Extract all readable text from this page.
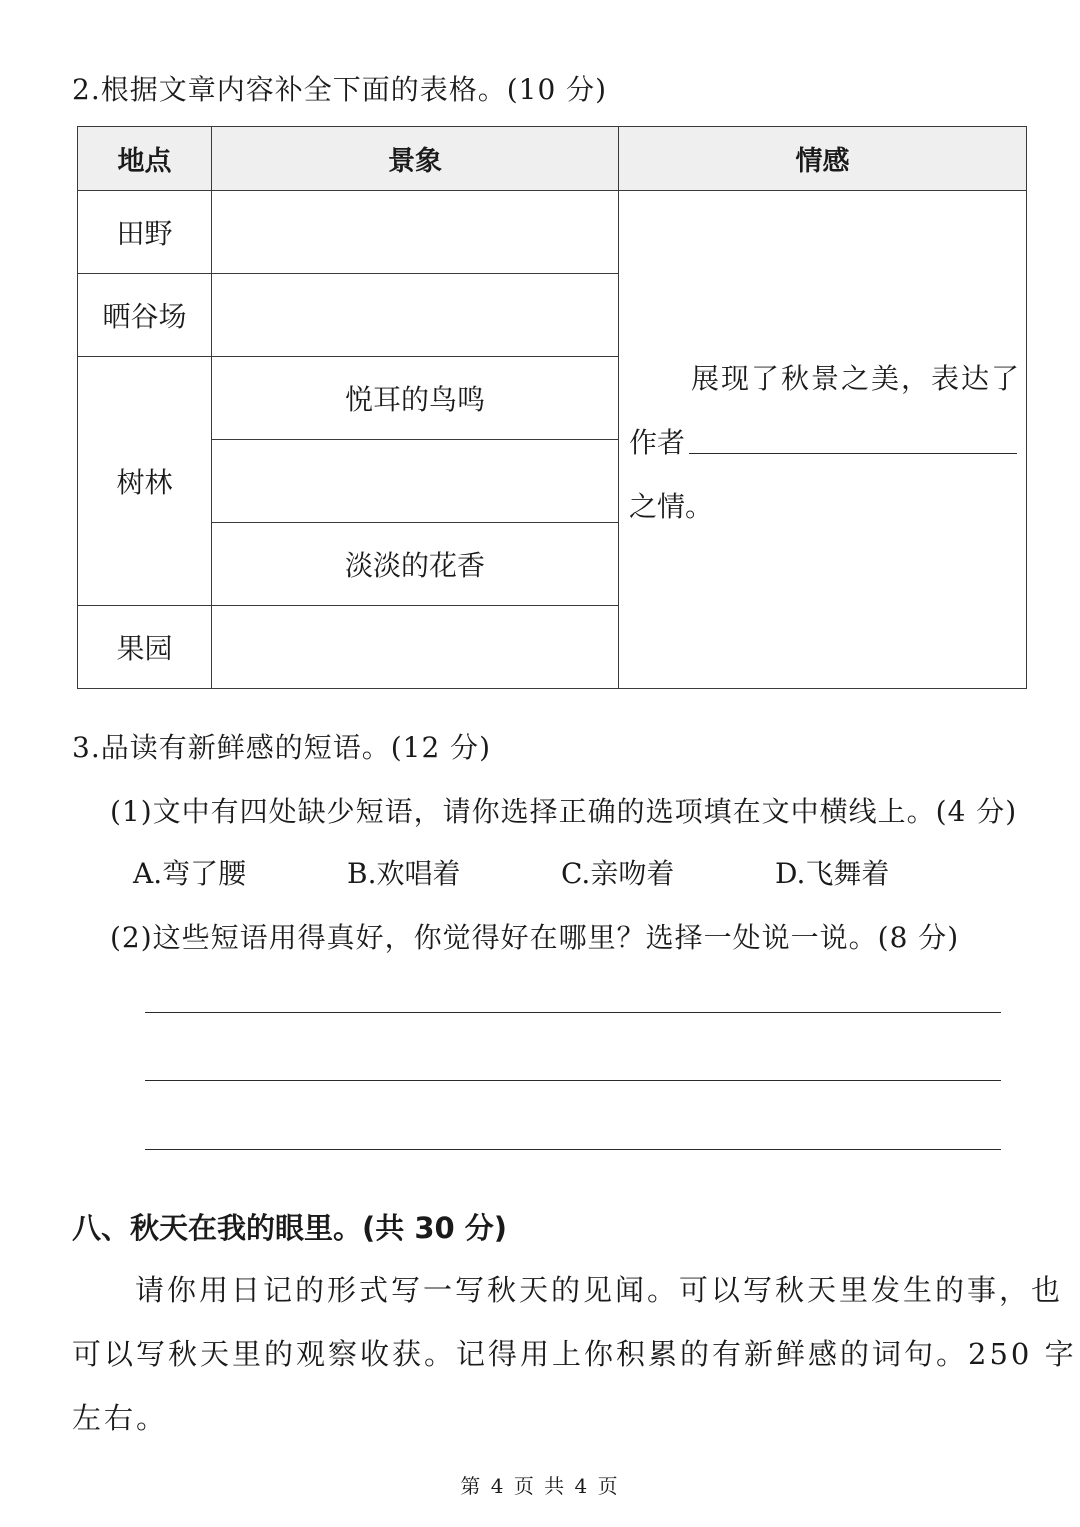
2.根据文章内容补全下面的表格。(10 分)
地点	景象	情感
田野		展现了秋景之美，表达了
作者
之情。

晒谷场		
树林	悦耳的鸟鸣	

	淡淡的花香	
果园		
3.品读有新鲜感的短语。(12 分)
(1)文中有四处缺少短语，请你选择正确的选项填在文中横线上。(4 分)
A.弯了腰	B.欢唱着	C.亲吻着	D.飞舞着
(2)这些短语用得真好，你觉得好在哪里？选择一处说一说。(8 分)
八、秋天在我的眼里。(共 30 分)
请你用日记的形式写一写秋天的见闻。可以写秋天里发生的事，也
可以写秋天里的观察收获。记得用上你积累的有新鲜感的词句。250 字
左右。
第 4 页 共 4 页
